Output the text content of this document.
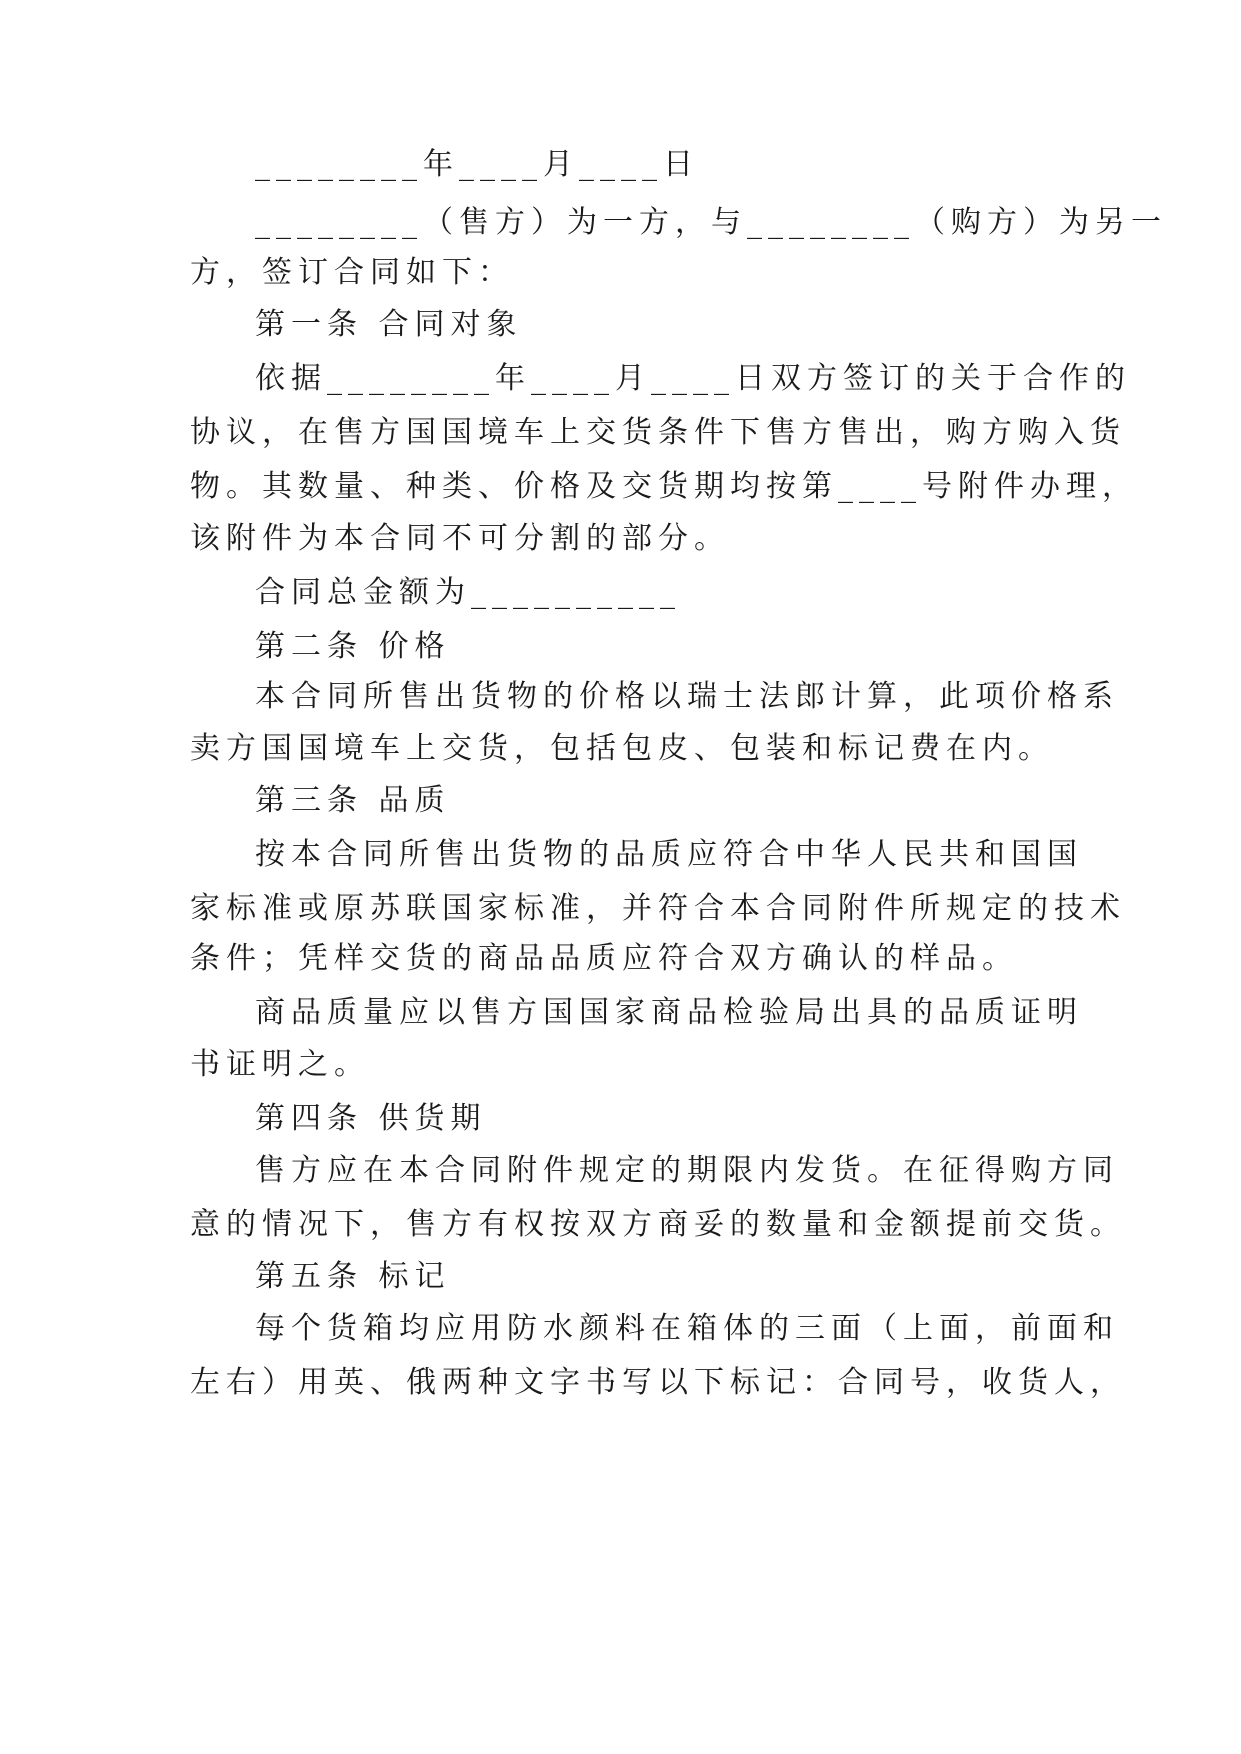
________年____月____日
________（售方）为一方，与________（购方）为另一
方，签订合同如下：
第一条 合同对象
依据________年____月____日双方签订的关于合作的
协议，在售方国国境车上交货条件下售方售出，购方购入货
物。其数量、种类、价格及交货期均按第____号附件办理，
该附件为本合同不可分割的部分。
合同总金额为__________
第二条 价格
本合同所售出货物的价格以瑞士法郎计算，此项价格系
卖方国国境车上交货，包括包皮、包装和标记费在内。
第三条 品质
按本合同所售出货物的品质应符合中华人民共和国国
家标准或原苏联国家标准，并符合本合同附件所规定的技术
条件；凭样交货的商品品质应符合双方确认的样品。
商品质量应以售方国国家商品检验局出具的品质证明
书证明之。
第四条 供货期
售方应在本合同附件规定的期限内发货。在征得购方同
意的情况下，售方有权按双方商妥的数量和金额提前交货。
第五条 标记
每个货箱均应用防水颜料在箱体的三面（上面，前面和
左右）用英、俄两种文字书写以下标记：合同号，收货人，
